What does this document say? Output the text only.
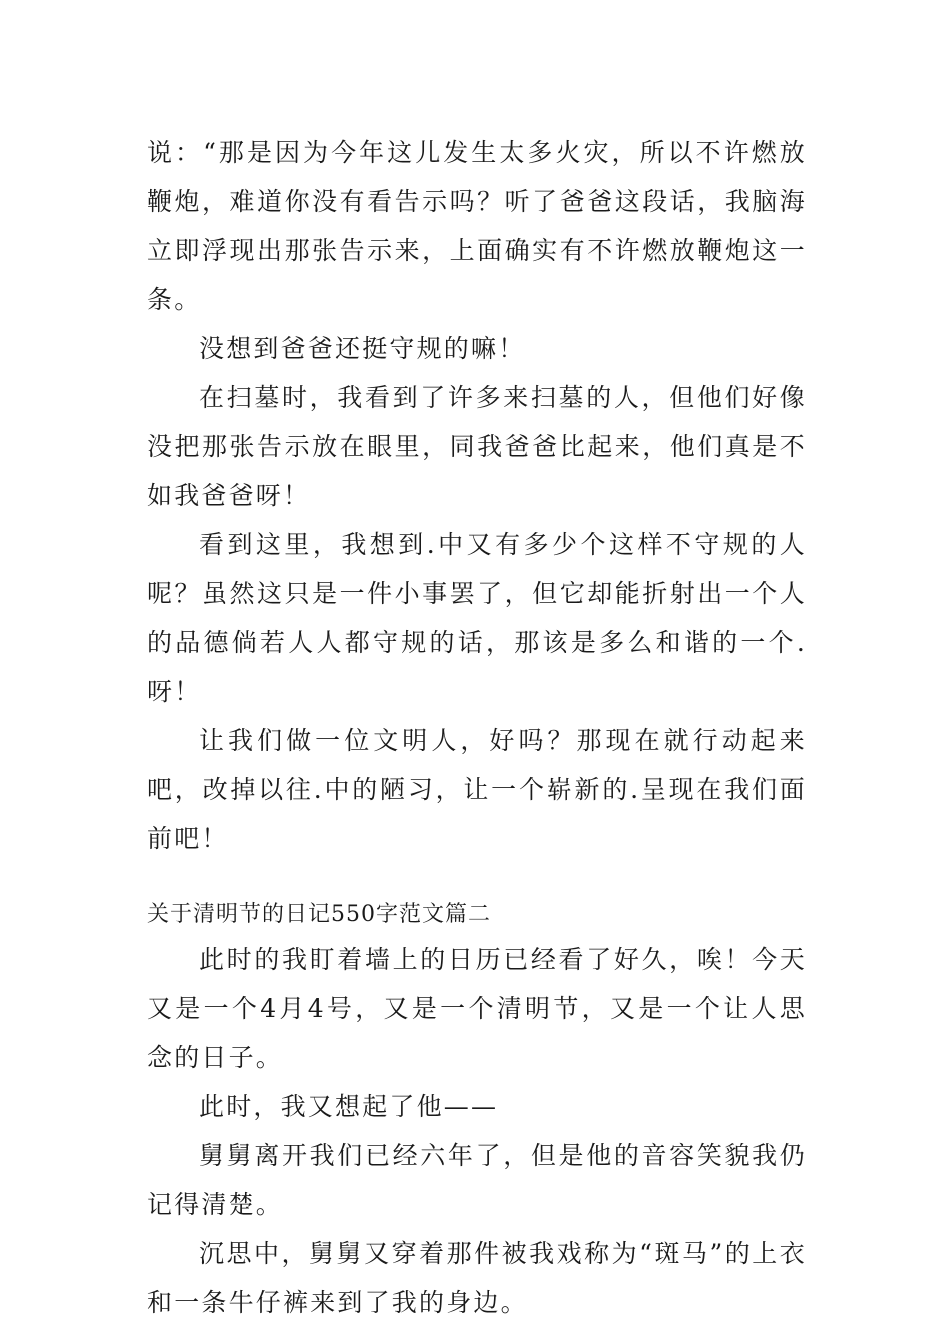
说：“那是因为今年这儿发生太多火灾，所以不许燃放鞭炮，难道你没有看告示吗？听了爸爸这段话，我脑海立即浮现出那张告示来，上面确实有不许燃放鞭炮这一条。

没想到爸爸还挺守规的嘛！

在扫墓时，我看到了许多来扫墓的人，但他们好像没把那张告示放在眼里，同我爸爸比起来，他们真是不如我爸爸呀！

看到这里，我想到.中又有多少个这样不守规的人呢？虽然这只是一件小事罢了，但它却能折射出一个人的品德倘若人人都守规的话，那该是多么和谐的一个.呀！

让我们做一位文明人，好吗？那现在就行动起来吧，改掉以往.中的陋习，让一个崭新的.呈现在我们面前吧！

关于清明节的日记550字范文篇二

此时的我盯着墙上的日历已经看了好久，唉！今天又是一个4月4号，又是一个清明节，又是一个让人思念的日子。

此时，我又想起了他——

舅舅离开我们已经六年了，但是他的音容笑貌我仍记得清楚。

沉思中，舅舅又穿着那件被我戏称为“斑马”的上衣和一条牛仔裤来到了我的身边。
